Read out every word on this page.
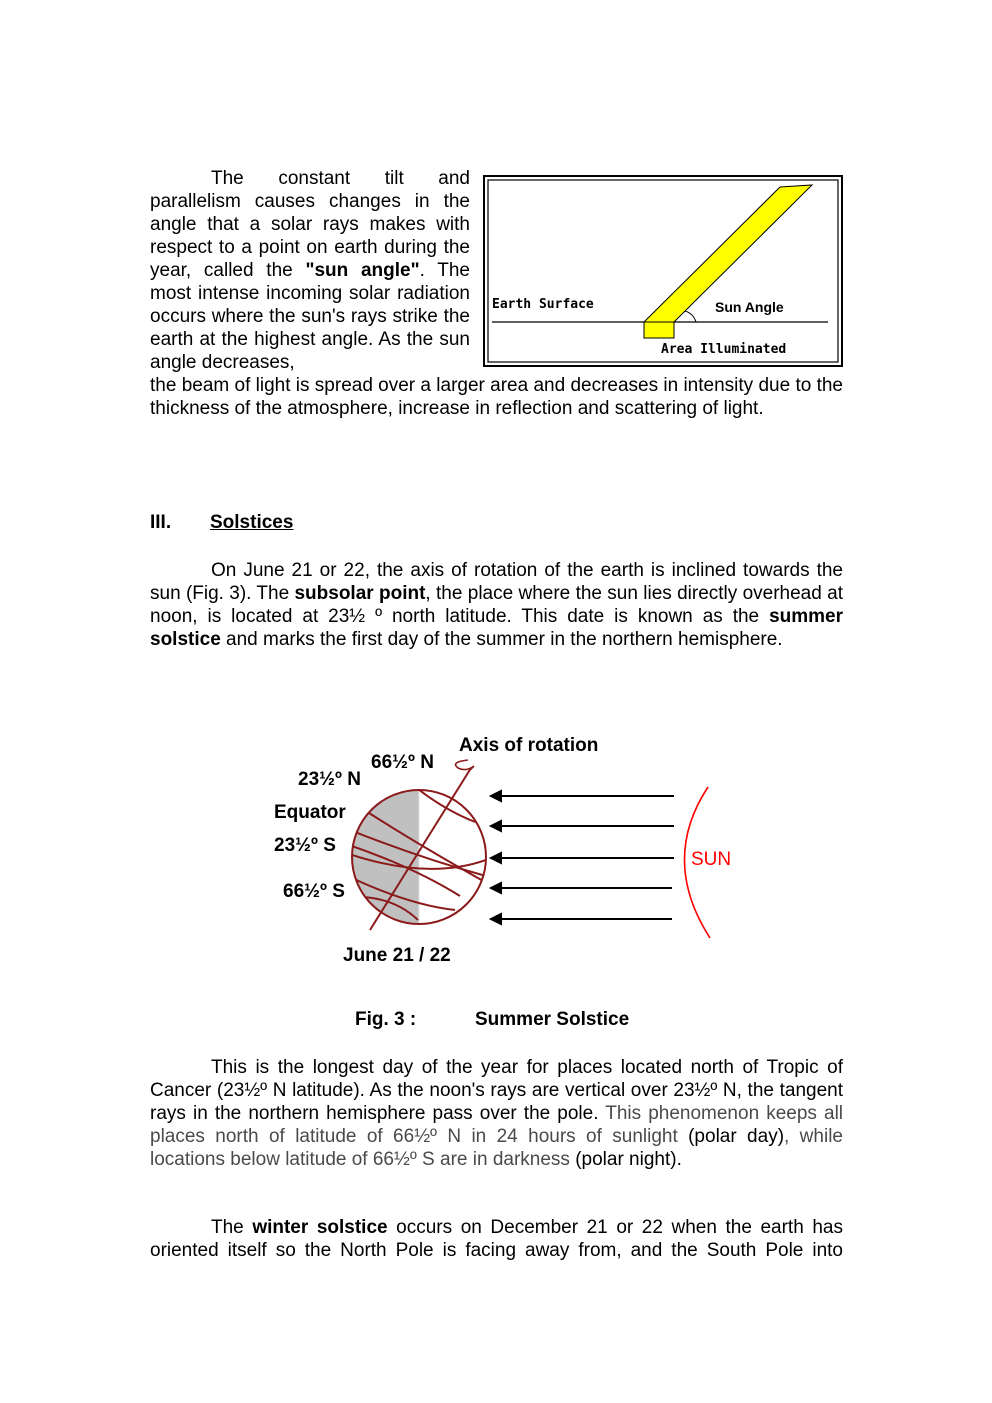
The constant tilt and parallelism causes changes in the angle that a solar rays makes with respect to a point on earth during the year, called the "sun angle". The most intense incoming solar radiation occurs where the sun's rays strike the earth at the highest angle. As the sun angle decreases,
the beam of light is spread over a larger area and decreases in intensity due to the thickness of the atmosphere, increase in reflection and scattering of light.
Earth Surface	Sun Angle
Area Illuminated
III. Solstices
On June 21 or 22, the axis of rotation of the earth is inclined towards the sun (Fig. 3). The subsolar point, the place where the sun lies directly overhead at noon, is located at 23½ º north latitude. This date is known as the summer solstice and marks the first day of the summer in the northern hemisphere.
Axis of rotation
66½º N
23½º N
Equator
23½º S
66½º S
June 21 / 22
SUN
Fig. 3 :	Summer Solstice
This is the longest day of the year for places located north of Tropic of Cancer (23½º N latitude). As the noon's rays are vertical over 23½º N, the tangent rays in the northern hemisphere pass over the pole. This phenomenon keeps all places north of latitude of 66½º N in 24 hours of sunlight (polar day), while locations below latitude of 66½º S are in darkness (polar night).
The winter solstice occurs on December 21 or 22 when the earth has oriented itself so the North Pole is facing away from, and the South Pole into
